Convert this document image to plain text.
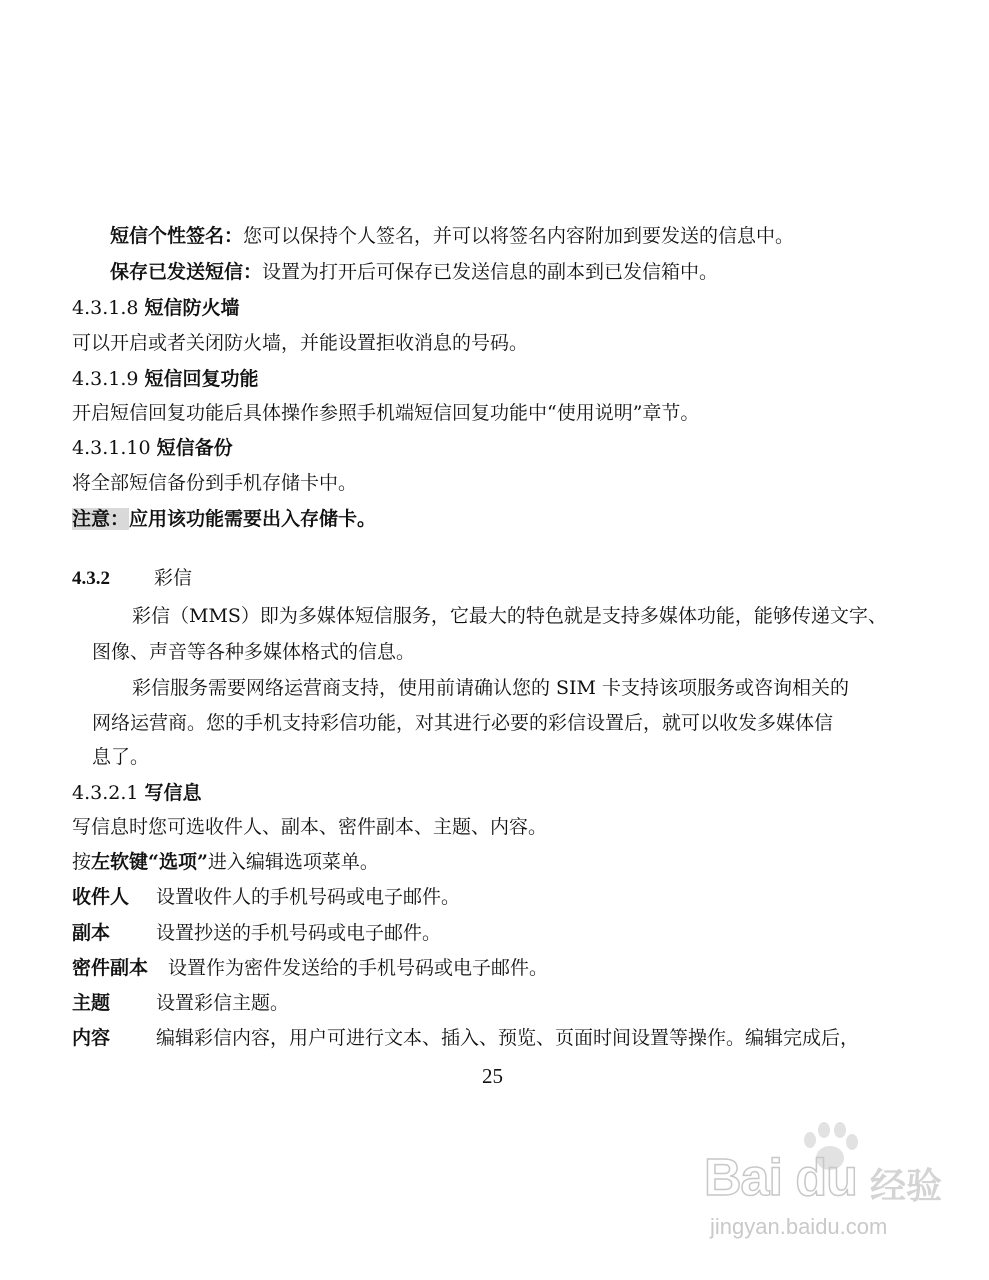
短信个性签名：您可以保持个人签名，并可以将签名内容附加到要发送的信息中。
保存已发送短信：设置为打开后可保存已发送信息的副本到已发信箱中。
4.3.1.8 短信防火墙
可以开启或者关闭防火墙，并能设置拒收消息的号码。
4.3.1.9 短信回复功能
开启短信回复功能后具体操作参照手机端短信回复功能中“使用说明”章节。
4.3.1.10 短信备份
将全部短信备份到手机存储卡中。
注意：应用该功能需要出入存储卡。
4.3.2 彩信
彩信（MMS）即为多媒体短信服务，它最大的特色就是支持多媒体功能，能够传递文字、
图像、声音等各种多媒体格式的信息。
彩信服务需要网络运营商支持，使用前请确认您的 SIM 卡支持该项服务或咨询相关的
网络运营商。您的手机支持彩信功能，对其进行必要的彩信设置后，就可以收发多媒体信
息了。
4.3.2.1 写信息
写信息时您可选收件人、副本、密件副本、主题、内容。
按左软键“选项”进入编辑选项菜单。
收件人 设置收件人的手机号码或电子邮件。
副本 设置抄送的手机号码或电子邮件。
密件副本 设置作为密件发送给的手机号码或电子邮件。
主题 设置彩信主题。
内容 编辑彩信内容，用户可进行文本、插入、预览、页面时间设置等操作。编辑完成后，
25
Bai du 经验
jingyan.baidu.com
